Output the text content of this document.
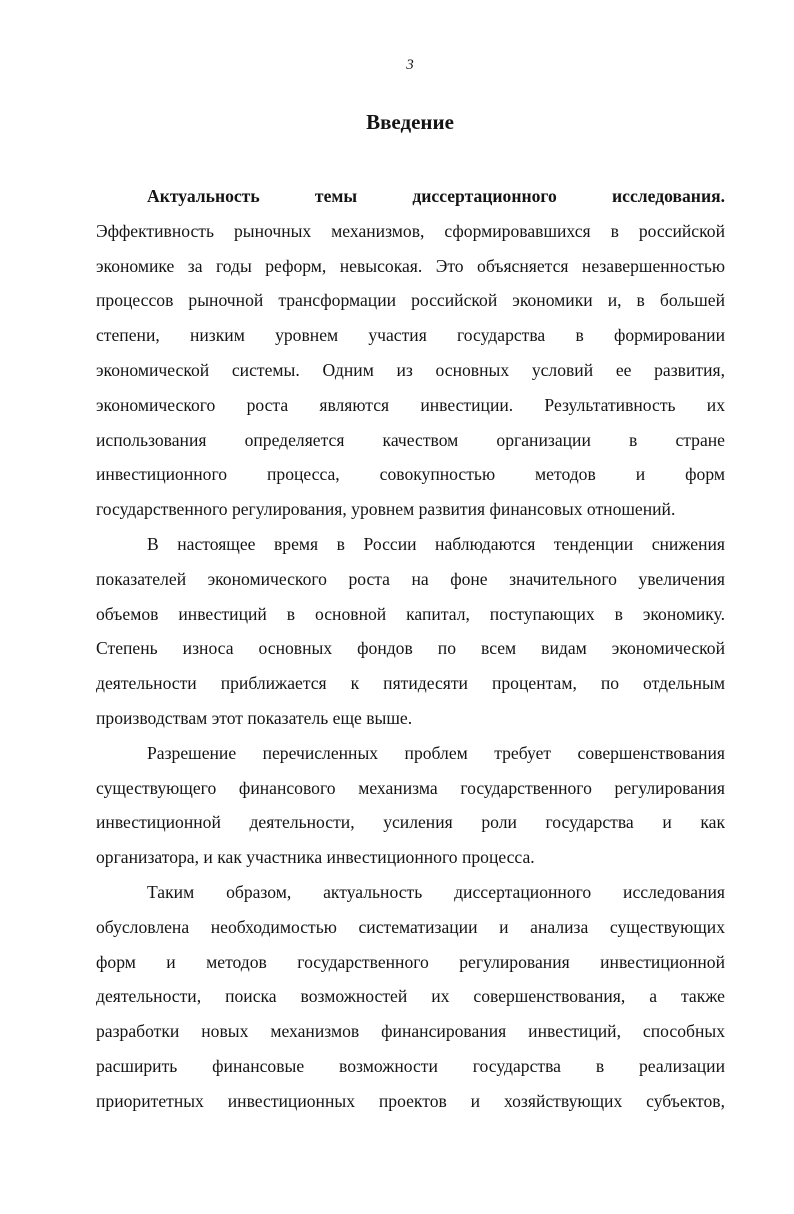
3
Введение
Актуальность темы диссертационного исследования.
Эффективность рыночных механизмов, сформировавшихся в российской
экономике за годы реформ, невысокая. Это объясняется незавершенностью
процессов рыночной трансформации российской экономики и, в большей
степени, низким уровнем участия государства в формировании
экономической системы. Одним из основных условий ее развития,
экономического роста являются инвестиции. Результативность их
использования определяется качеством организации в стране
инвестиционного процесса, совокупностью методов и форм
государственного регулирования, уровнем развития финансовых отношений.
В настоящее время в России наблюдаются тенденции снижения
показателей экономического роста на фоне значительного увеличения
объемов инвестиций в основной капитал, поступающих в экономику.
Степень износа основных фондов по всем видам экономической
деятельности приближается к пятидесяти процентам, по отдельным
производствам этот показатель еще выше.
Разрешение перечисленных проблем требует совершенствования
существующего финансового механизма государственного регулирования
инвестиционной деятельности, усиления роли государства и как
организатора, и как участника инвестиционного процесса.
Таким образом, актуальность диссертационного исследования
обусловлена необходимостью систематизации и анализа существующих
форм и методов государственного регулирования инвестиционной
деятельности, поиска возможностей их совершенствования, а также
разработки новых механизмов финансирования инвестиций, способных
расширить финансовые возможности государства в реализации
приоритетных инвестиционных проектов и хозяйствующих субъектов,
